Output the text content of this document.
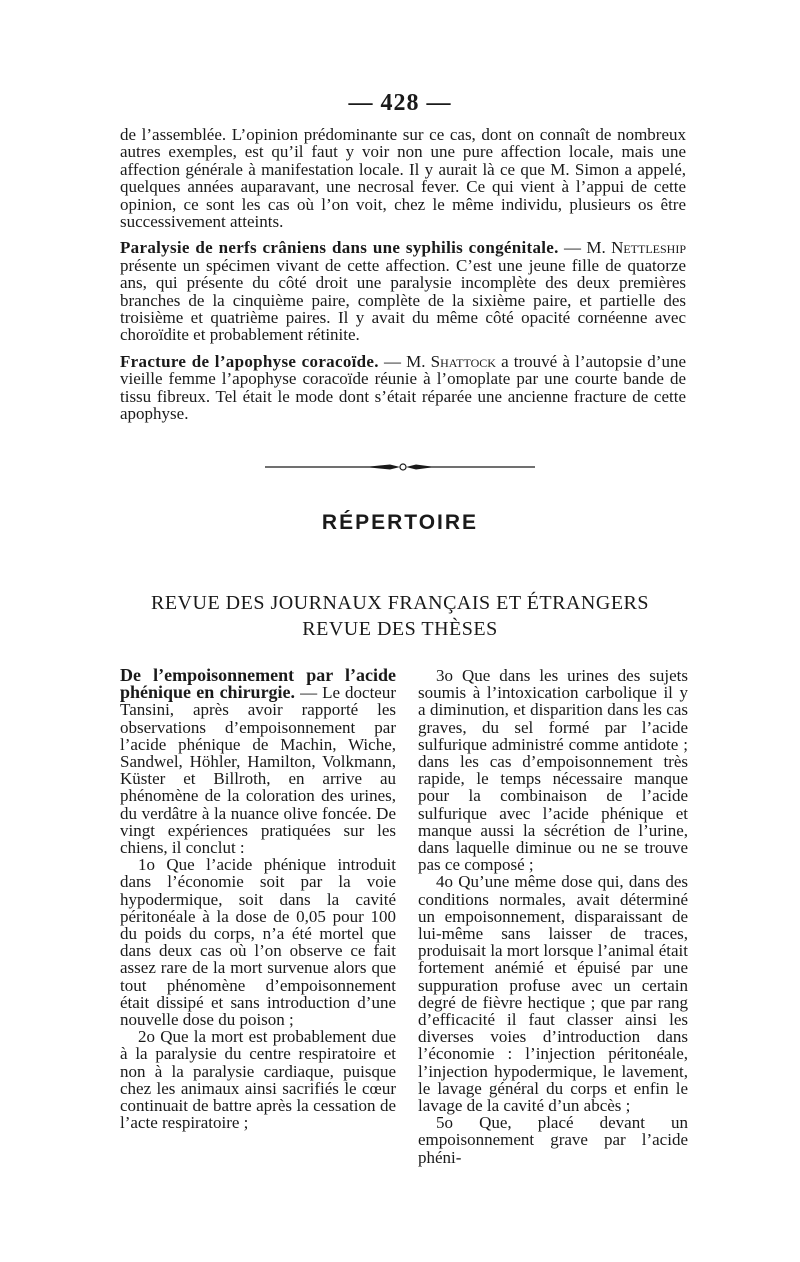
— 428 —

de l’assemblée. L’opinion prédominante sur ce cas, dont on connaît de nombreux autres exemples, est qu’il faut y voir non une pure affection locale, mais une affection générale à manifestation locale. Il y aurait là ce que M. Simon a appelé, quelques années auparavant, une necrosal fever. Ce qui vient à l’appui de cette opinion, ce sont les cas où l’on voit, chez le même individu, plusieurs os être successivement atteints.

Paralysie de nerfs crâniens dans une syphilis congénitale. — M. Nettleship présente un spécimen vivant de cette affection. C’est une jeune fille de quatorze ans, qui présente du côté droit une paralysie incomplète des deux premières branches de la cinquième paire, complète de la sixième paire, et partielle des troisième et quatrième paires. Il y avait du même côté opacité cornéenne avec choroïdite et probablement rétinite.

Fracture de l’apophyse coracoïde. — M. Shattock a trouvé à l’autopsie d’une vieille femme l’apophyse coracoïde réunie à l’omoplate par une courte bande de tissu fibreux. Tel était le mode dont s’était réparée une ancienne fracture de cette apophyse.

RÉPERTOIRE
REVUE DES JOURNAUX FRANÇAIS ET ÉTRANGERS
REVUE DES THÈSES

De l’empoisonnement par l’acide phénique en chirurgie. — Le docteur Tansini, après avoir rapporté les observations d’empoisonnement par l’acide phénique de Machin, Wiche, Sandwel, Höhler, Hamilton, Volkmann, Küster et Billroth, en arrive au phénomène de la coloration des urines, du verdâtre à la nuance olive foncée. De vingt expériences pratiquées sur les chiens, il conclut :

1o Que l’acide phénique introduit dans l’économie soit par la voie hypodermique, soit dans la cavité péritonéale à la dose de 0,05 pour 100 du poids du corps, n’a été mortel que dans deux cas où l’on observe ce fait assez rare de la mort survenue alors que tout phénomène d’empoisonnement était dissipé et sans introduction d’une nouvelle dose du poison ;

2o Que la mort est probablement due à la paralysie du centre respiratoire et non à la paralysie cardiaque, puisque chez les animaux ainsi sacrifiés le cœur continuait de battre après la cessation de l’acte respiratoire ;

3o Que dans les urines des sujets soumis à l’intoxication carbolique il y a diminution, et disparition dans les cas graves, du sel formé par l’acide sulfurique administré comme antidote ; dans les cas d’empoisonnement très rapide, le temps nécessaire manque pour la combinaison de l’acide sulfurique avec l’acide phénique et manque aussi la sécrétion de l’urine, dans laquelle diminue ou ne se trouve pas ce composé ;

4o Qu’une même dose qui, dans des conditions normales, avait déterminé un empoisonnement, disparaissant de lui-même sans laisser de traces, produisait la mort lorsque l’animal était fortement anémié et épuisé par une suppuration profuse avec un certain degré de fièvre hectique ; que par rang d’efficacité il faut classer ainsi les diverses voies d’introduction dans l’économie : l’injection péritonéale, l’injection hypodermique, le lavement, le lavage général du corps et enfin le lavage de la cavité d’un abcès ;

5o Que, placé devant un empoisonnement grave par l’acide phéni-
